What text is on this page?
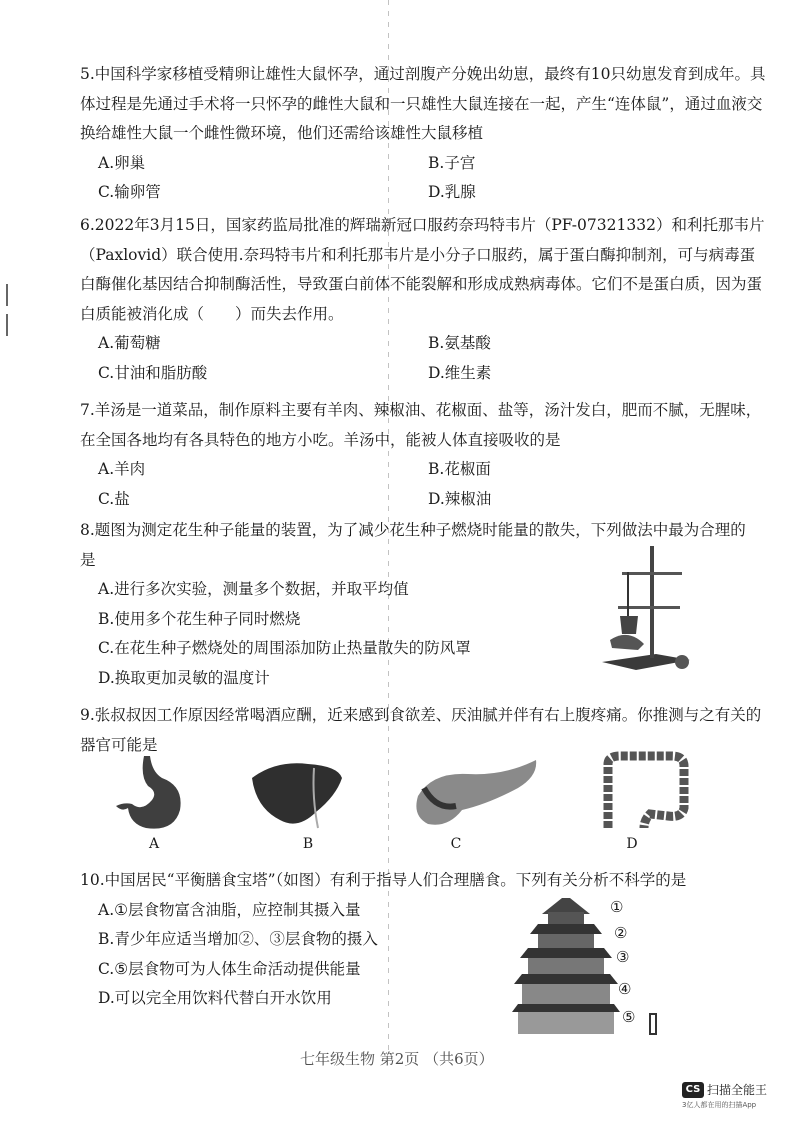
5.中国科学家移植受精卵让雄性大鼠怀孕，通过剖腹产分娩出幼崽，最终有10只幼崽发育到成年。具体过程是先通过手术将一只怀孕的雌性大鼠和一只雄性大鼠连接在一起，产生“连体鼠”，通过血液交换给雄性大鼠一个雌性微环境，他们还需给该雄性大鼠移植
A.卵巢	B.子宫
C.输卵管	D.乳腺
6.2022年3月15日，国家药监局批准的辉瑞新冠口服药奈玛特韦片（PF-07321332）和利托那韦片（Paxlovid）联合使用.奈玛特韦片和利托那韦片是小分子口服药，属于蛋白酶抑制剂，可与病毒蛋白酶催化基因结合抑制酶活性，导致蛋白前体不能裂解和形成成熟病毒体。它们不是蛋白质，因为蛋白质能被消化成（　　）而失去作用。
A.葡萄糖	B.氨基酸
C.甘油和脂肪酸	D.维生素
7.羊汤是一道菜品，制作原料主要有羊肉、辣椒油、花椒面、盐等，汤汁发白，肥而不腻，无腥味，在全国各地均有各具特色的地方小吃。羊汤中，能被人体直接吸收的是
A.羊肉	B.花椒面
C.盐	D.辣椒油
8.题图为测定花生种子能量的装置，为了减少花生种子燃烧时能量的散失，下列做法中最为合理的是
A.进行多次实验，测量多个数据，并取平均值
B.使用多个花生种子同时燃烧
C.在花生种子燃烧处的周围添加防止热量散失的防风罩
D.换取更加灵敏的温度计
9.张叔叔因工作原因经常喝酒应酬，近来感到食欲差、厌油腻并伴有右上腹疼痛。你推测与之有关的器官可能是
A	B	C	D
10.中国居民“平衡膳食宝塔”（如图）有利于指导人们合理膳食。下列有关分析不科学的是
A.①层食物富含油脂，应控制其摄入量
B.青少年应适当增加②、③层食物的摄入
C.⑤层食物可为人体生命活动提供能量
D.可以完全用饮料代替白开水饮用
①
②
③
④
⑤
七年级生物 第2页 （共6页）
CS 扫描全能王
3亿人都在用的扫描App
